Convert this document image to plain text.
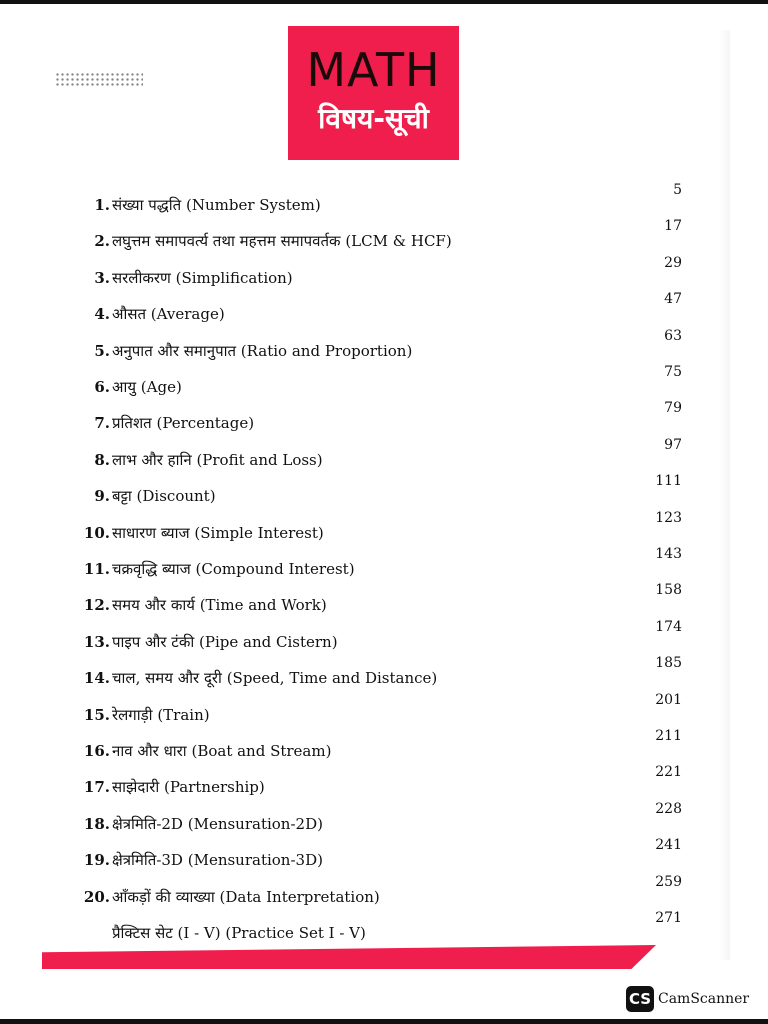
MATH
विषय-सूची
1. संख्या पद्धति (Number System)
5
2. लघुत्तम समापवर्त्य तथा महत्तम समापवर्तक (LCM & HCF)
17
3. सरलीकरण (Simplification)
29
4. औसत (Average)
47
5. अनुपात और समानुपात (Ratio and Proportion)
63
6. आयु (Age)
75
7. प्रतिशत (Percentage)
79
8. लाभ और हानि (Profit and Loss)
97
9. बट्टा (Discount)
111
10. साधारण ब्याज (Simple Interest)
123
11. चक्रवृद्धि ब्याज (Compound Interest)
143
12. समय और कार्य (Time and Work)
158
13. पाइप और टंकी (Pipe and Cistern)
174
14. चाल, समय और दूरी (Speed, Time and Distance)
185
15. रेलगाड़ी (Train)
201
16. नाव और धारा (Boat and Stream)
211
17. साझेदारी (Partnership)
221
18. क्षेत्रमिति-2D (Mensuration-2D)
228
19. क्षेत्रमिति-3D (Mensuration-3D)
241
20. आँकड़ों की व्याख्या (Data Interpretation)
259
प्रैक्टिस सेट (I - V) (Practice Set I - V)
271
CS CamScanner
